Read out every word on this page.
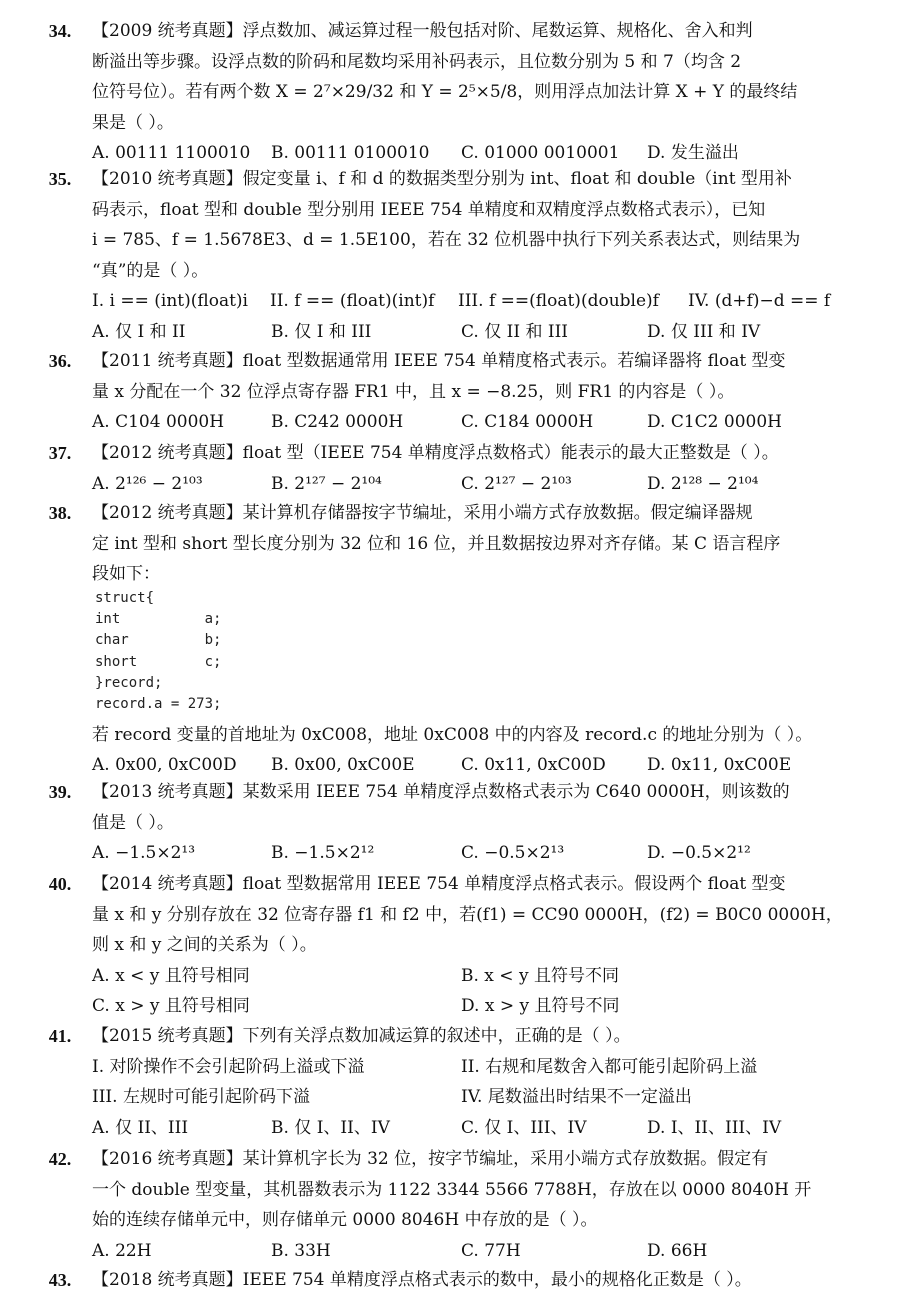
34.	【2009 统考真题】浮点数加、减运算过程一般包括对阶、尾数运算、规格化、舍入和判
断溢出等步骤。设浮点数的阶码和尾数均采用补码表示，且位数分别为 5 和 7（均含 2
位符号位）。若有两个数 X = 2⁷×29/32 和 Y = 2⁵×5/8，则用浮点加法计算 X + Y 的最终结
果是（ ）。
A. 00111 1100010 B. 00111 0100010 C. 01000 0010001 D. 发生溢出
35.	【2010 统考真题】假定变量 i、f 和 d 的数据类型分别为 int、float 和 double（int 型用补
码表示，float 型和 double 型分别用 IEEE 754 单精度和双精度浮点数格式表示），已知
i = 785、f = 1.5678E3、d = 1.5E100，若在 32 位机器中执行下列关系表达式，则结果为
“真”的是（ ）。
I. i == (int)(float)i II. f == (float)(int)f III. f ==(float)(double)f IV. (d+f)−d == f
A. 仅 I 和 II	B. 仅 I 和 III	C. 仅 II 和 III	D. 仅 III 和 IV
36.	【2011 统考真题】float 型数据通常用 IEEE 754 单精度格式表示。若编译器将 float 型变
量 x 分配在一个 32 位浮点寄存器 FR1 中，且 x = −8.25，则 FR1 的内容是（ ）。
A. C104 0000H	B. C242 0000H	C. C184 0000H	D. C1C2 0000H
37.	【2012 统考真题】float 型（IEEE 754 单精度浮点数格式）能表示的最大正整数是（ ）。
A. 2¹²⁶ − 2¹⁰³	B. 2¹²⁷ − 2¹⁰⁴	C. 2¹²⁷ − 2¹⁰³	D. 2¹²⁸ − 2¹⁰⁴
38.	【2012 统考真题】某计算机存储器按字节编址，采用小端方式存放数据。假定编译器规
定 int 型和 short 型长度分别为 32 位和 16 位，并且数据按边界对齐存储。某 C 语言程序
段如下：
struct{
int          a;
char         b;
short        c;
}record;
record.a = 273;
若 record 变量的首地址为 0xC008，地址 0xC008 中的内容及 record.c 的地址分别为（ ）。
A. 0x00, 0xC00D B. 0x00, 0xC00E	C. 0x11, 0xC00D D. 0x11, 0xC00E
39.	【2013 统考真题】某数采用 IEEE 754 单精度浮点数格式表示为 C640 0000H，则该数的
值是（ ）。
A. −1.5×2¹³	B. −1.5×2¹²	C. −0.5×2¹³	D. −0.5×2¹²
40.	【2014 统考真题】float 型数据常用 IEEE 754 单精度浮点格式表示。假设两个 float 型变
量 x 和 y 分别存放在 32 位寄存器 f1 和 f2 中，若(f1) = CC90 0000H，(f2) = B0C0 0000H，
则 x 和 y 之间的关系为（ ）。
A. x < y 且符号相同	B. x < y 且符号不同
C. x > y 且符号相同	D. x > y 且符号不同
41.	【2015 统考真题】下列有关浮点数加减运算的叙述中，正确的是（ ）。
I. 对阶操作不会引起阶码上溢或下溢	II. 右规和尾数舍入都可能引起阶码上溢
III. 左规时可能引起阶码下溢	IV. 尾数溢出时结果不一定溢出
A. 仅 II、III	B. 仅 I、II、IV	C. 仅 I、III、IV	D. I、II、III、IV
42.	【2016 统考真题】某计算机字长为 32 位，按字节编址，采用小端方式存放数据。假定有
一个 double 型变量，其机器数表示为 1122 3344 5566 7788H，存放在以 0000 8040H 开
始的连续存储单元中，则存储单元 0000 8046H 中存放的是（ ）。
A. 22H	B. 33H	C. 77H	D. 66H
43.	【2018 统考真题】IEEE 754 单精度浮点格式表示的数中，最小的规格化正数是（ ）。
